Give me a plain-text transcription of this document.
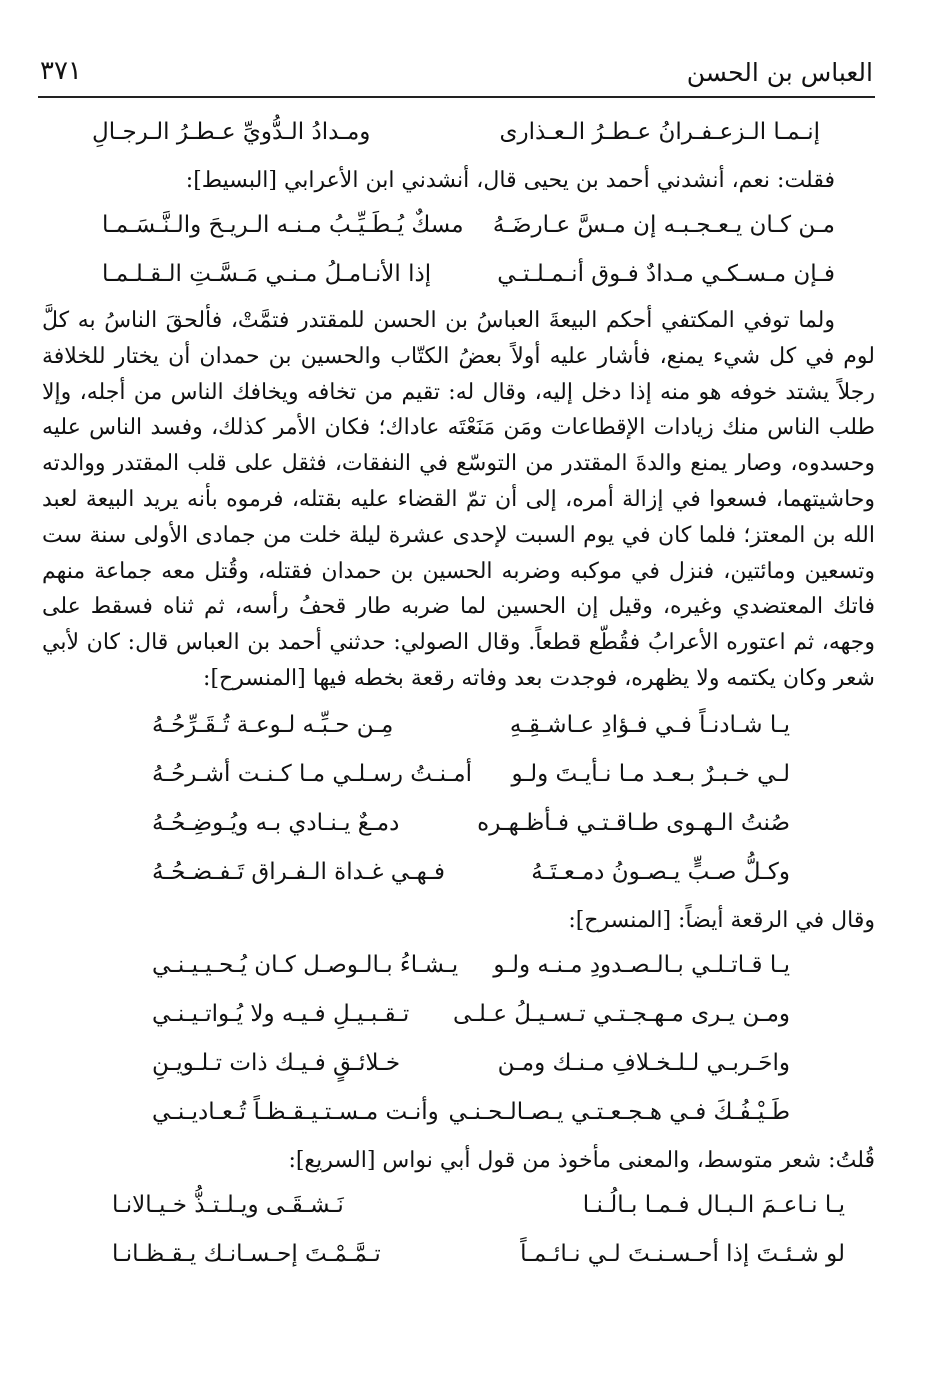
العباس بن الحسن
٣٧١
إنـمـا الـزعـفـرانُ عـطـرُ الـعـذارى
ومـدادُ الـدُّويِّ عـطـرُ الـرجـالِ
فقلت: نعم، أنشدني أحمد بن يحيى قال، أنشدني ابن الأعرابي [البسيط]:
مـن كـان يـعـجـبـه إن مـسَّ عـارضَـهُ
مسكٌ يُـطَـيِّـبُ مـنـه الـريـحَ والـنَّـسَـمـا
فـإن مـسـكـي مـدادٌ فـوق أنـمـلـتـي
إذا الأنـامـلُ مـنـي مَـسَّـتِ الـقـلـمـا
ولما توفي المكتفي أحكم البيعةَ العباسُ بن الحسن للمقتدر فتمَّتْ، فألحقَ الناسُ به كلَّ لوم في كل شيء يمنع، فأشار عليه أولاً بعضُ الكتّاب والحسين بن حمدان أن يختار للخلافة رجلاً يشتد خوفه هو منه إذا دخل إليه، وقال له: تقيم من تخافه ويخافك الناس من أجله، وإلا طلب الناس منك زيادات الإقطاعات ومَن مَنَعْتَه عاداك؛ فكان الأمر كذلك، وفسد الناس عليه وحسدوه، وصار يمنع والدةَ المقتدر من التوسّع في النفقات، فثقل على قلب المقتدر ووالدته وحاشيتهما، فسعوا في إزالة أمره، إلى أن تمّ القضاء عليه بقتله، فرموه بأنه يريد البيعة لعبد الله بن المعتز؛ فلما كان في يوم السبت لإحدى عشرة ليلة خلت من جمادى الأولى سنة ست وتسعين ومائتين، فنزل في موكبه وضربه الحسين بن حمدان فقتله، وقُتل معه جماعة منهم فاتك المعتضدي وغيره، وقيل إن الحسين لما ضربه طار قحفُ رأسه، ثم ثناه فسقط على وجهه، ثم اعتوره الأعرابُ فقُطّع قطعاً. وقال الصولي: حدثني أحمد بن العباس قال: كان لأبي شعر وكان يكتمه ولا يظهره، فوجدت بعد وفاته رقعة بخطه فيها [المنسرح]:
يـا شـادنـاً فـي فـؤادِ عـاشـقِـهِ
مِـن حـبِّـه لـوعـة تُـقَـرِّحُـهُ
لـي خـبـرٌ بـعـد مـا نـأيـتَ ولـو
أمـنـتُ رسـلـي مـا كـنـت أشـرحُـهُ
صُنتُ الـهـوى طـاقـتـي فـأظـهـره
دمـعٌ يـنـادي بـه ويُـوضِـحُـهُ
وكـلُّ صـبٍّ يـصـونُ دمـعـتَـهُ
فـهـي غـداة الـفـراق تَـفـضـحُـهُ
وقال في الرقعة أيضاً: [المنسرح]:
يـا قـاتـلـي بـالـصـدودِ مـنـه ولـو
يـشـاءُ بـالـوصـل كـان يُـحـيـيـنـي
ومـن يـرى مـهـجـتـي تـسـيـلُ عـلـى
تـقـبـيـلِ فـيـه ولا يُـواتـيـنـي
واحَـربـي لـلـخـلافِ مـنـك ومـن
خـلائـقٍ فـيـك ذات تـلـويـنِ
طَـيْـفُـكَ فـي هـجـعـتـي يـصـالـحـنـي
وأنـت مـسـتـيـقـظـاً تُـعـاديـنـي
قُلتُ: شعر متوسط، والمعنى مأخوذ من قول أبي نواس [السريع]:
يـا نـاعـمَ الـبـال فـمـا بـالُـنـا
نَـشـقَـى ويـلـتـذُّ خـيـالانـا
لو شـئـتَ إذا أحـسـنـتَ لـي نـائـمـاً
تـمَّـمْـتَ إحـسـانـك يـقـظـانـا
